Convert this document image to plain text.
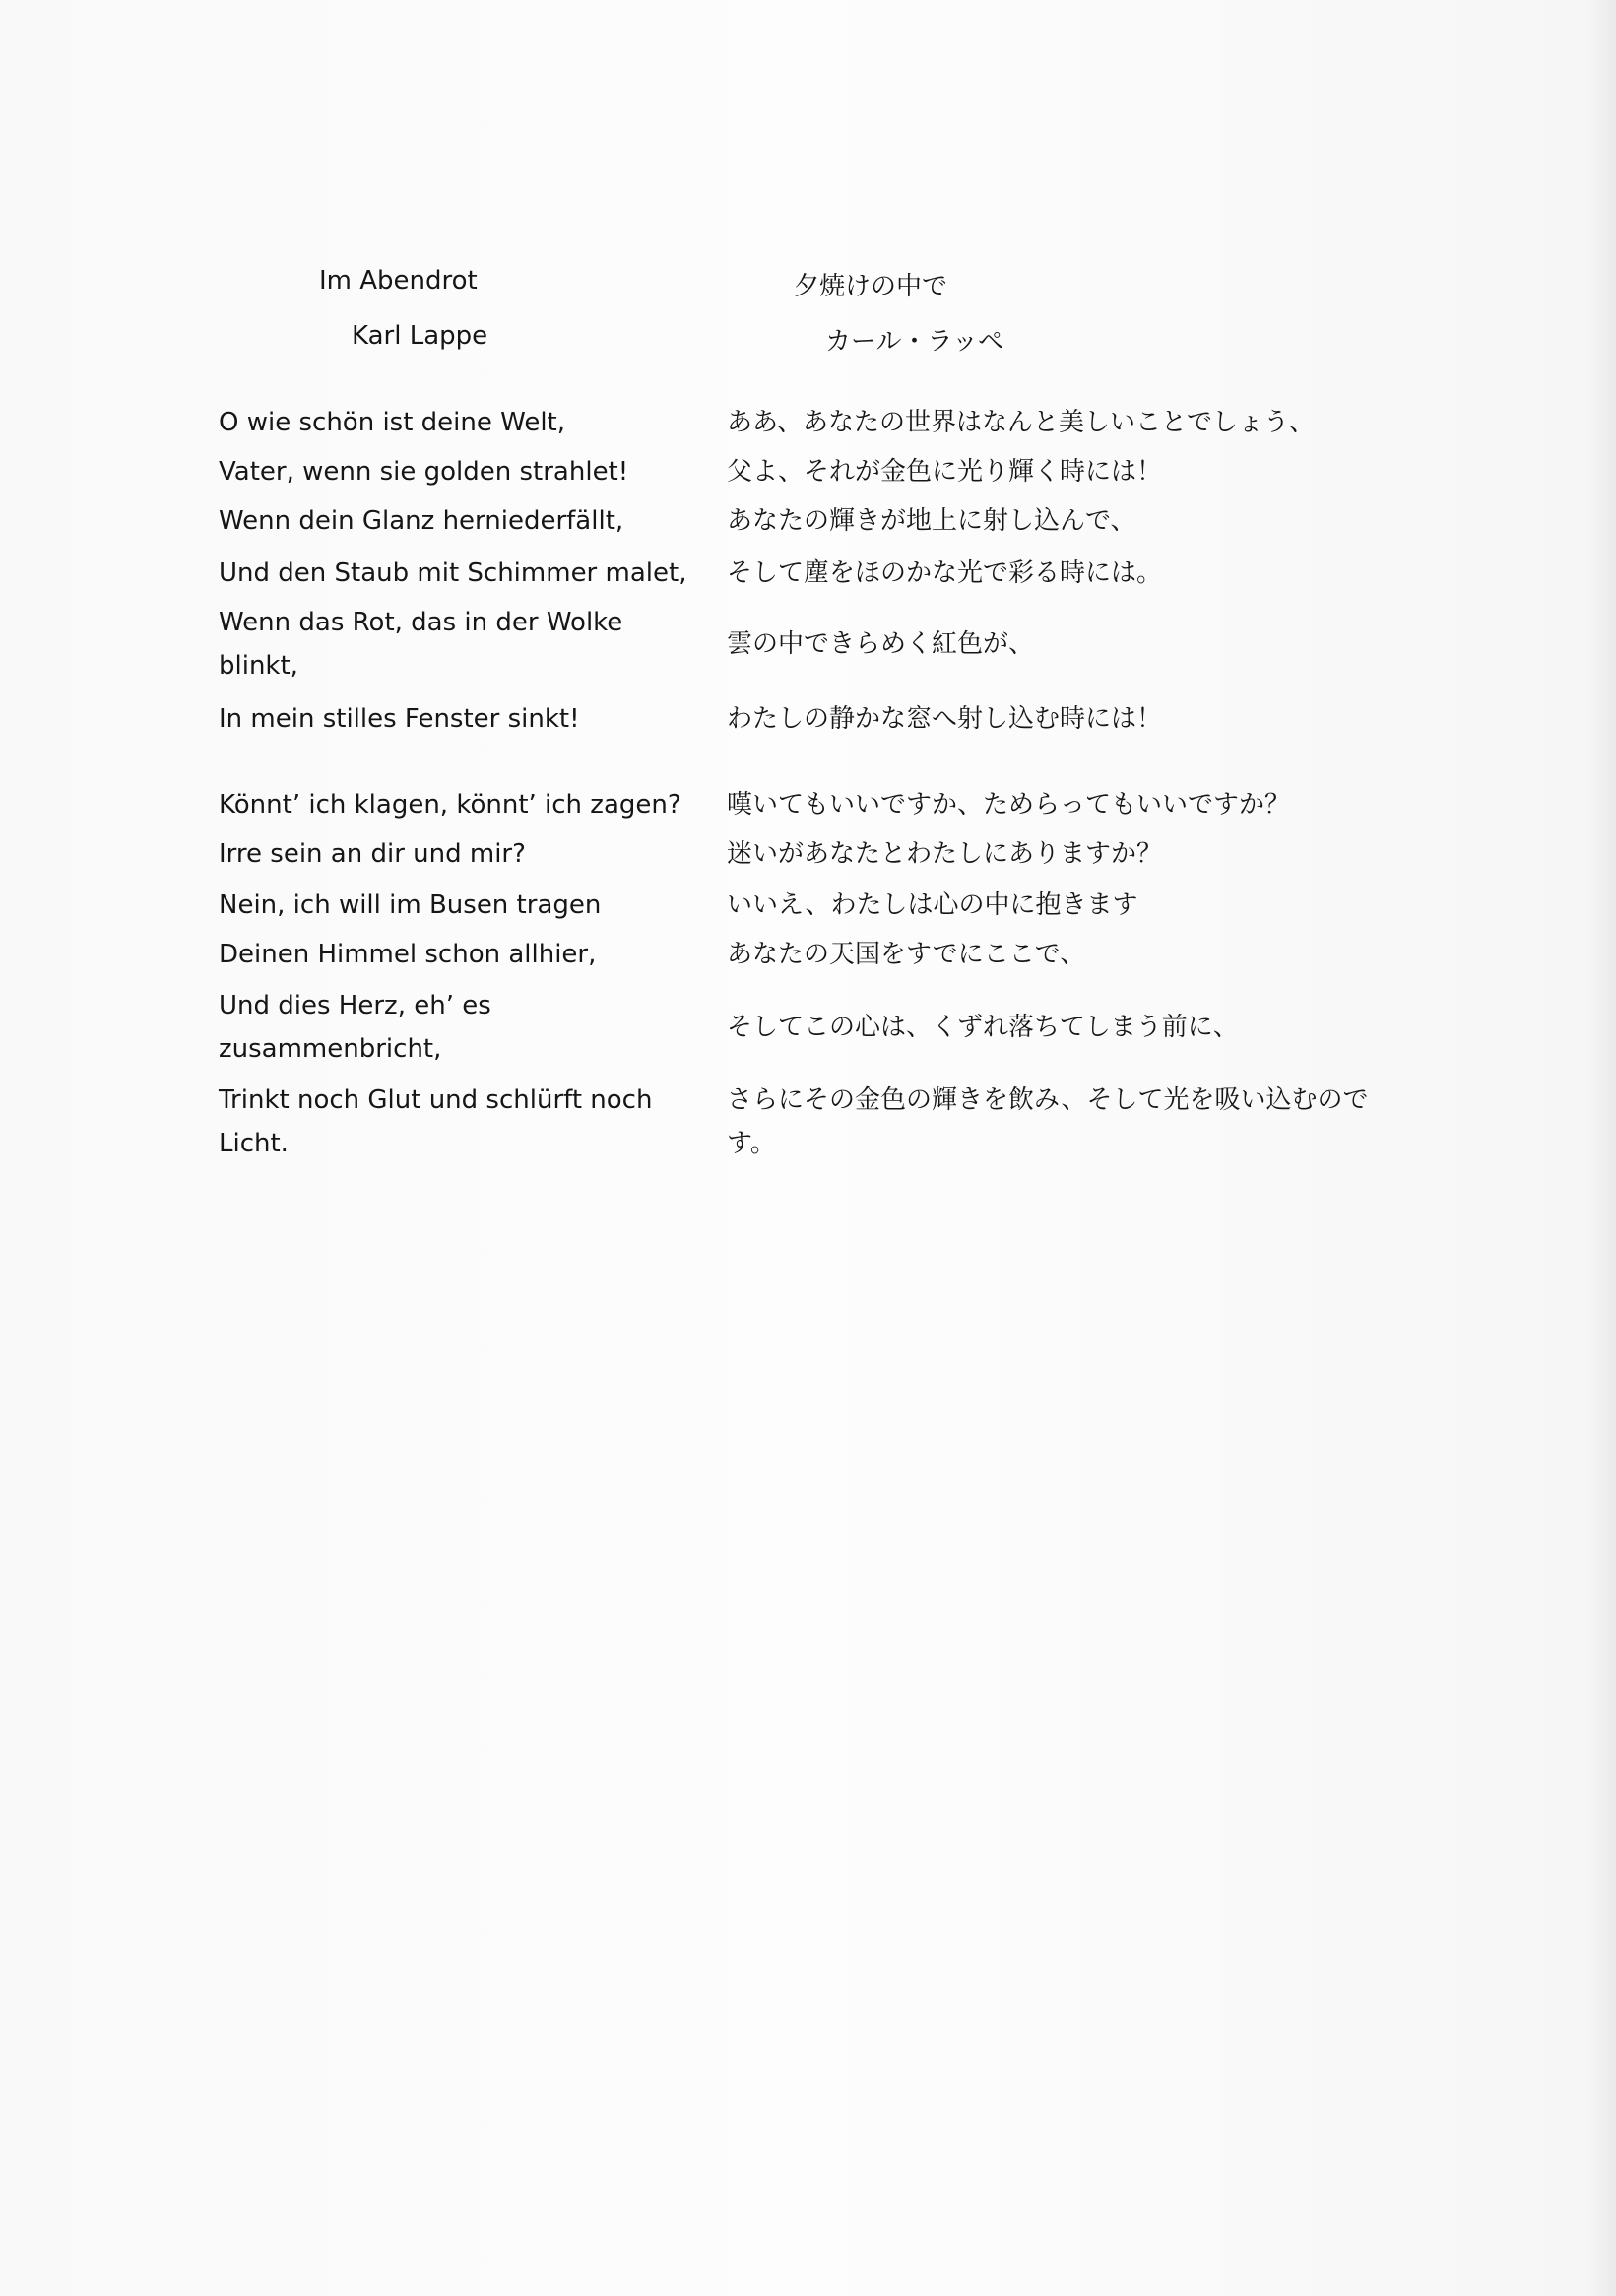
Im Abendrot
Karl Lappe
夕焼けの中で
カール・ラッペ
O wie schön ist deine Welt,
Vater, wenn sie golden strahlet!
Wenn dein Glanz herniederfällt,
Und den Staub mit Schimmer malet,
Wenn das Rot, das in der Wolke blinkt,
In mein stilles Fenster sinkt!
ああ、あなたの世界はなんと美しいことでしょう、
父よ、それが金色に光り輝く時には！
あなたの輝きが地上に射し込んで、
そして塵をほのかな光で彩る時には。
雲の中できらめく紅色が、
わたしの静かな窓へ射し込む時には！
Könnt’ ich klagen, könnt’ ich zagen?
Irre sein an dir und mir?
Nein, ich will im Busen tragen
Deinen Himmel schon allhier,
Und dies Herz, eh’ es zusammenbricht,
Trinkt noch Glut und schlürft noch Licht.
嘆いてもいいですか、ためらってもいいですか？
迷いがあなたとわたしにありますか？
いいえ、わたしは心の中に抱きます
あなたの天国をすでにここで、
そしてこの心は、くずれ落ちてしまう前に、
さらにその金色の輝きを飲み、そして光を吸い込むのです。
